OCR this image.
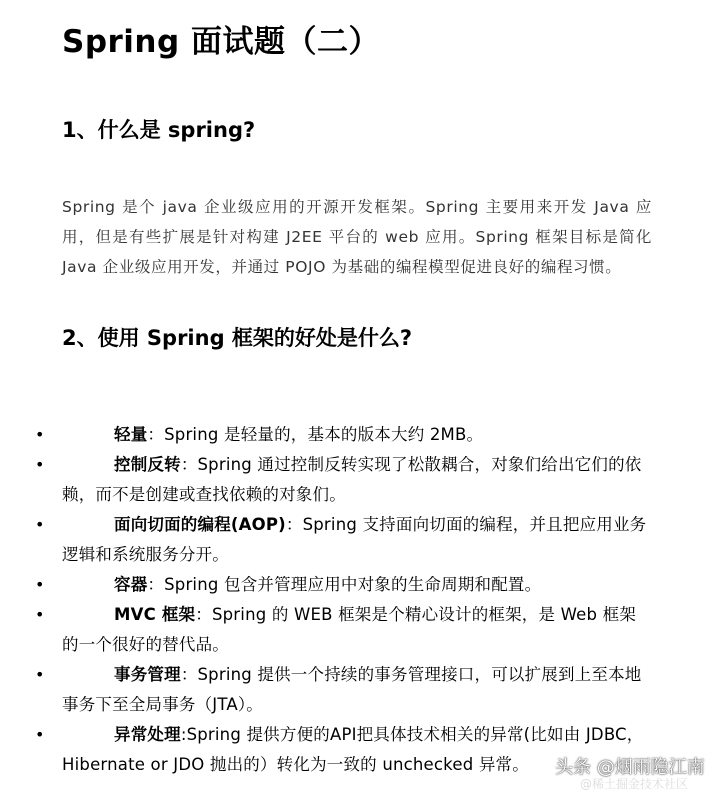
Spring 面试题（二）
1、什么是 spring?

Spring 是个 java 企业级应用的开源开发框架。Spring 主要用来开发 Java 应用，但是有些扩展是针对构建 J2EE 平台的 web 应用。Spring 框架目标是简化 Java 企业级应用开发，并通过 POJO 为基础的编程模型促进良好的编程习惯。

2、使用 Spring 框架的好处是什么?
•	轻量：Spring 是轻量的，基本的版本大约 2MB。
•	控制反转：Spring 通过控制反转实现了松散耦合，对象们给出它们的依赖，而不是创建或查找依赖的对象们。
•	面向切面的编程(AOP)：Spring 支持面向切面的编程，并且把应用业务逻辑和系统服务分开。
•	容器：Spring 包含并管理应用中对象的生命周期和配置。
•	MVC 框架：Spring 的 WEB 框架是个精心设计的框架，是 Web 框架的一个很好的替代品。
•	事务管理：Spring 提供一个持续的事务管理接口，可以扩展到上至本地事务下至全局事务（JTA）。
•	异常处理:Spring 提供方便的API把具体技术相关的异常(比如由 JDBC，Hibernate or JDO 抛出的）转化为一致的 unchecked 异常。	头条 @烟雨隐江南
@稀土掘金技术社区
